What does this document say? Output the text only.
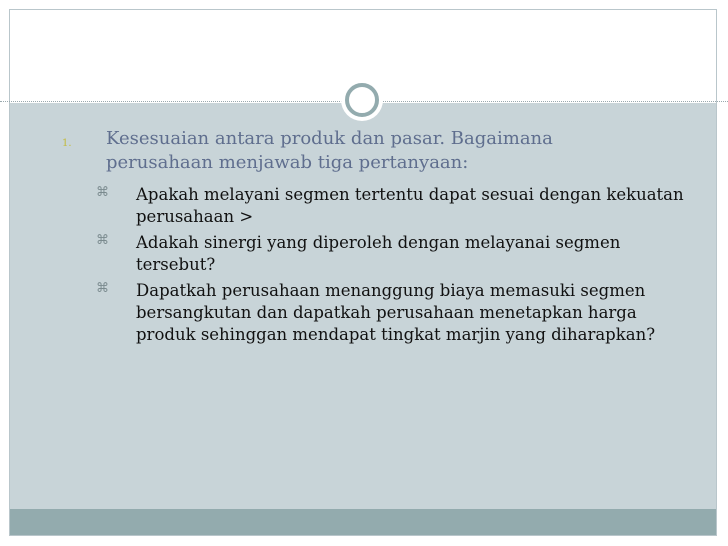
1. Kesesuaian antara produk dan pasar. Bagaimana perusahaan menjawab tiga pertanyaan:
⌘ Apakah melayani segmen tertentu dapat sesuai dengan kekuatan perusahaan >
⌘ Adakah sinergi yang diperoleh dengan melayanai segmen tersebut?
⌘ Dapatkah perusahaan menanggung biaya memasuki segmen bersangkutan dan dapatkah perusahaan menetapkan harga produk sehinggan mendapat tingkat marjin yang diharapkan?
